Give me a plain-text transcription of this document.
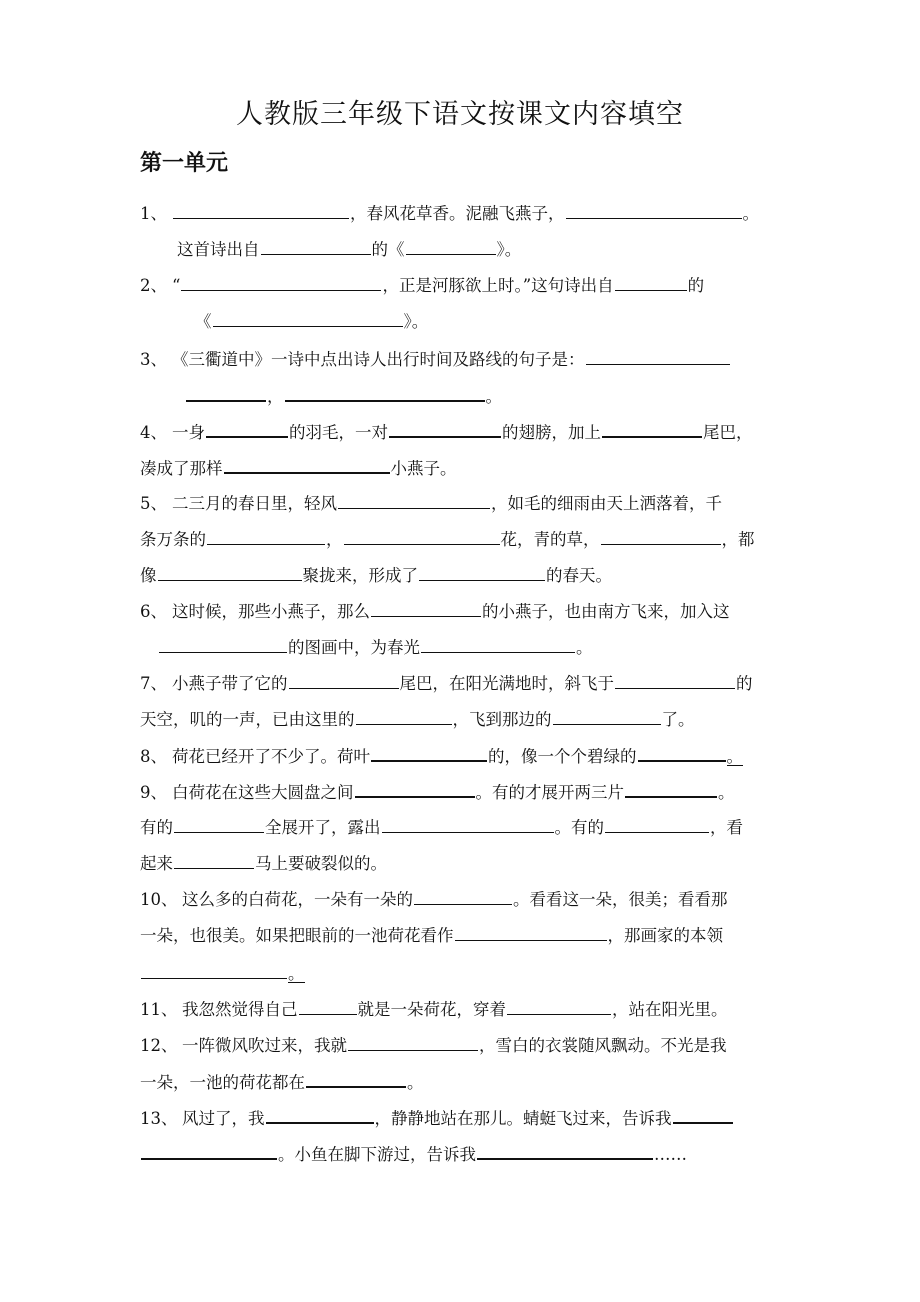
人教版三年级下语文按课文内容填空
第一单元
1、	，春风花草香。泥融飞燕子，	。
这首诗出自	的《	》。
2、 “	，正是河豚欲上时。”这句诗出自	的
《	》。
3、 《三衢道中》一诗中点出诗人出行时间及路线的句子是：
，	。
4、 一身	的羽毛，一对	的翅膀，加上	尾巴，
凑成了那样	小燕子。
5、 二三月的春日里，轻风	，如毛的细雨由天上洒落着，千
条万条的	，	花，青的草，	，都
像	聚拢来，形成了	的春天。
6、 这时候，那些小燕子，那么	的小燕子，也由南方飞来，加入这
的图画中，为春光	。
7、 小燕子带了它的	尾巴，在阳光满地时，斜飞于	的
天空，叽的一声，已由这里的	，飞到那边的	了。
8、 荷花已经开了不少了。荷叶	的，像一个个碧绿的	。
9、 白荷花在这些大圆盘之间	。有的才展开两三片	。
有的	全展开了，露出	。有的	，看
起来	马上要破裂似的。
10、 这么多的白荷花，一朵有一朵的	。看看这一朵，很美；看看那
一朵，也很美。如果把眼前的一池荷花看作	，那画家的本领
。
11、 我忽然觉得自己	就是一朵荷花，穿着	，站在阳光里。
12、 一阵微风吹过来，我就	，雪白的衣裳随风飘动。不光是我
一朵，一池的荷花都在	。
13、 风过了，我	，静静地站在那儿。蜻蜓飞过来，告诉我
。小鱼在脚下游过，告诉我	……
